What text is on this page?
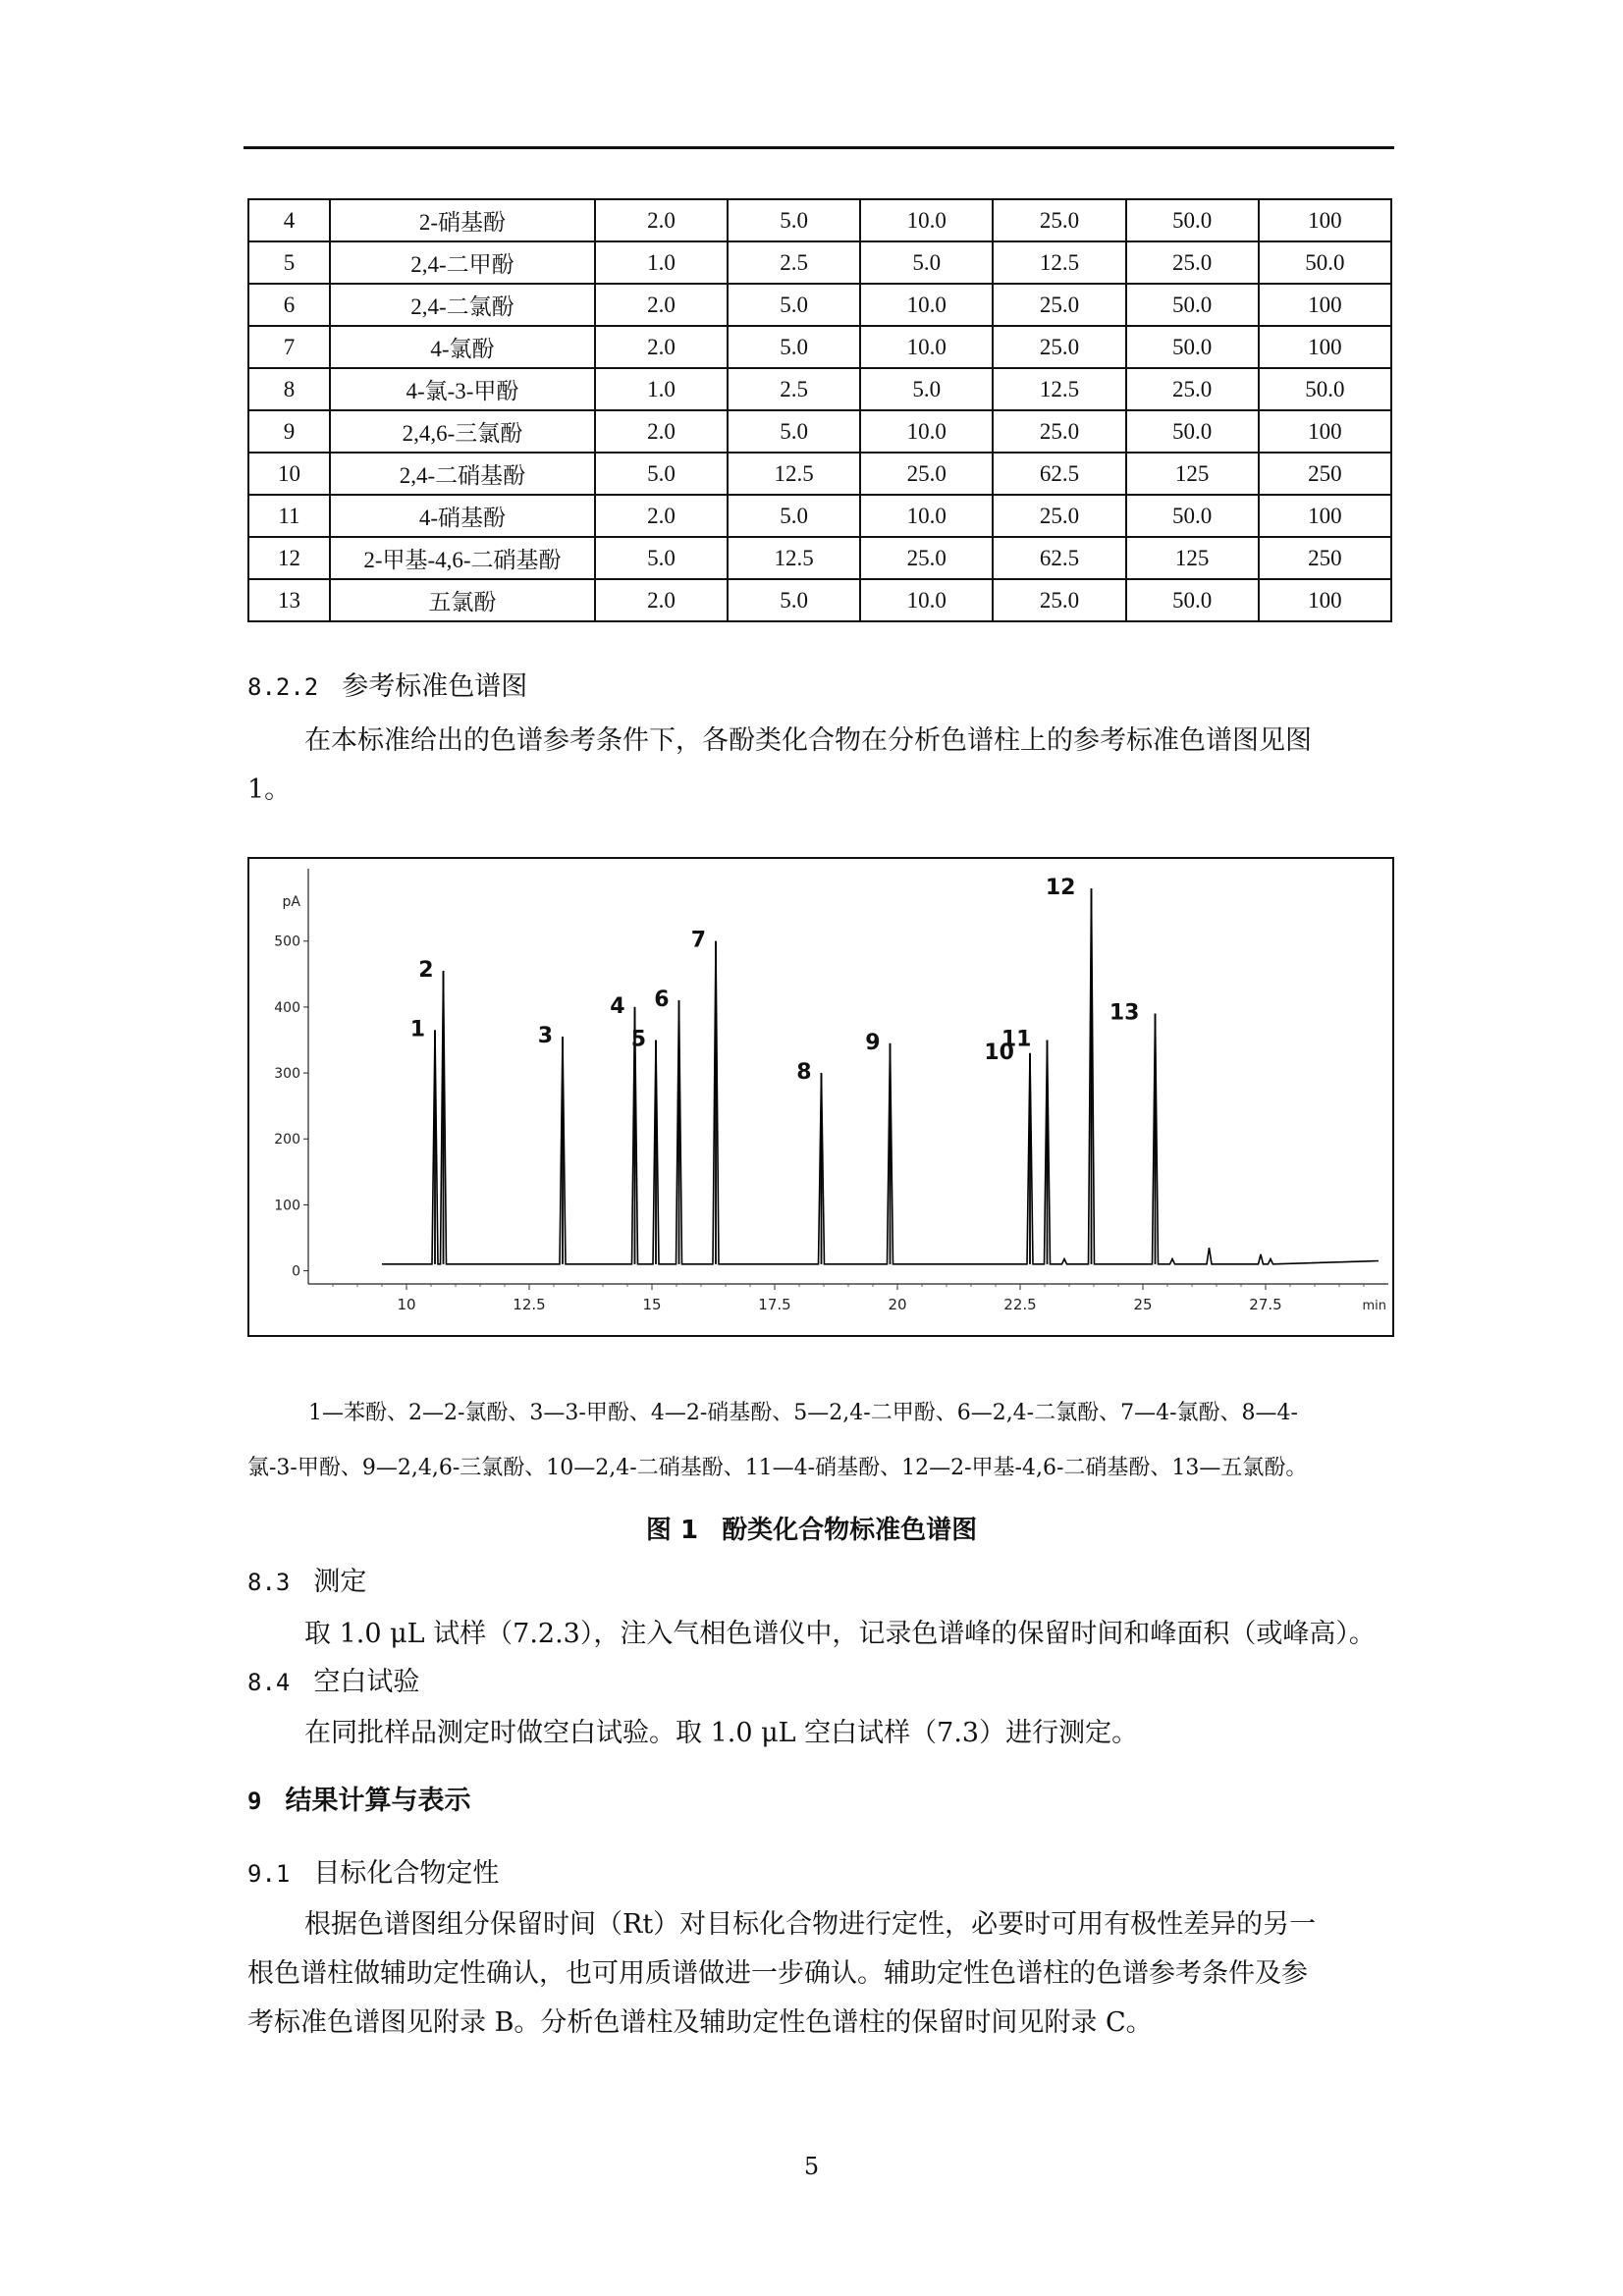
4	2-硝基酚	2.0	5.0	10.0	25.0	50.0	100
5	2,4-二甲酚	1.0	2.5	5.0	12.5	25.0	50.0
6	2,4-二氯酚	2.0	5.0	10.0	25.0	50.0	100
7	4-氯酚	2.0	5.0	10.0	25.0	50.0	100
8	4-氯-3-甲酚	1.0	2.5	5.0	12.5	25.0	50.0
9	2,4,6-三氯酚	2.0	5.0	10.0	25.0	50.0	100
10	2,4-二硝基酚	5.0	12.5	25.0	62.5	125	250
11	4-硝基酚	2.0	5.0	10.0	25.0	50.0	100
12	2-甲基-4,6-二硝基酚	5.0	12.5	25.0	62.5	125	250
13	五氯酚	2.0	5.0	10.0	25.0	50.0	100
8.2.2 参考标准色谱图
在本标准给出的色谱参考条件下，各酚类化合物在分析色谱柱上的参考标准色谱图见图
1。
0
100
200
300
400
500
pA
10	12.5	15	17.5	20	22.5	25	27.5	min
1
2
3
4
5
6
7
8
9	10
11
12
13
1—苯酚、2—2-氯酚、3—3-甲酚、4—2-硝基酚、5—2,4-二甲酚、6—2,4-二氯酚、7—4-氯酚、8—4-
氯-3-甲酚、9—2,4,6-三氯酚、10—2,4-二硝基酚、11—4-硝基酚、12—2-甲基-4,6-二硝基酚、13—五氯酚。
图 1 酚类化合物标准色谱图
8.3 测定
取 1.0 μL 试样（7.2.3），注入气相色谱仪中，记录色谱峰的保留时间和峰面积（或峰高）。
8.4 空白试验
在同批样品测定时做空白试验。取 1.0 μL 空白试样（7.3）进行测定。
9 结果计算与表示
9.1 目标化合物定性
根据色谱图组分保留时间（Rt）对目标化合物进行定性，必要时可用有极性差异的另一
根色谱柱做辅助定性确认，也可用质谱做进一步确认。辅助定性色谱柱的色谱参考条件及参
考标准色谱图见附录 B。分析色谱柱及辅助定性色谱柱的保留时间见附录 C。
5
